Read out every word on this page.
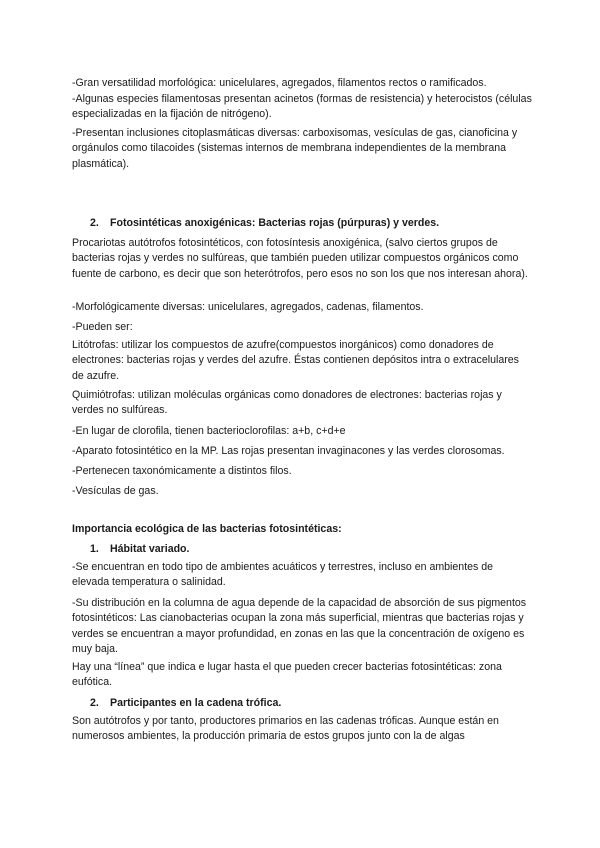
-Gran versatilidad morfológica: unicelulares, agregados, filamentos rectos o ramificados.

-Algunas especies filamentosas presentan acinetos (formas de resistencia) y heterocistos (células especializadas en la fijación de nitrógeno).

-Presentan inclusiones citoplasmáticas diversas: carboxisomas, vesículas de gas, cianoficina y orgánulos como tilacoides (sistemas internos de membrana independientes de la membrana plasmática).

2. Fotosintéticas anoxigénicas: Bacterias rojas (púrpuras) y verdes.

Procariotas autótrofos fotosintéticos, con fotosíntesis anoxigénica, (salvo ciertos grupos de bacterias rojas y verdes no sulfúreas, que también pueden utilizar compuestos orgánicos como fuente de carbono, es decir que son heterótrofos, pero esos no son los que nos interesan ahora).

-Morfológicamente diversas: unicelulares, agregados, cadenas, filamentos.

-Pueden ser:

Litótrofas: utilizar los compuestos de azufre(compuestos inorgánicos) como donadores de electrones: bacterias rojas y verdes del azufre. Éstas contienen depósitos intra o extracelulares de azufre.

Quimiótrofas: utilizan moléculas orgánicas como donadores de electrones: bacterias rojas y verdes no sulfúreas.

-En lugar de clorofila, tienen bacterioclorofilas: a+b, c+d+e

-Aparato fotosintético en la MP. Las rojas presentan invaginacones y las verdes clorosomas.

-Pertenecen taxonómicamente a distintos filos.

-Vesículas de gas.

Importancia ecológica de las bacterias fotosintéticas:

1. Hábitat variado.

-Se encuentran en todo tipo de ambientes acuáticos y terrestres, incluso en ambientes de elevada temperatura o salinidad.

-Su distribución en la columna de agua depende de la capacidad de absorción de sus pigmentos fotosintéticos: Las cianobacterias ocupan la zona más superficial, mientras que bacterias rojas y verdes se encuentran a mayor profundidad, en zonas en las que la concentración de oxígeno es muy baja.

Hay una “línea” que indica e lugar hasta el que pueden crecer bacterias fotosintéticas: zona eufótica.

2. Participantes en la cadena trófica.

Son autótrofos y por tanto, productores primarios en las cadenas tróficas. Aunque están en numerosos ambientes, la producción primaria de estos grupos junto con la de algas
